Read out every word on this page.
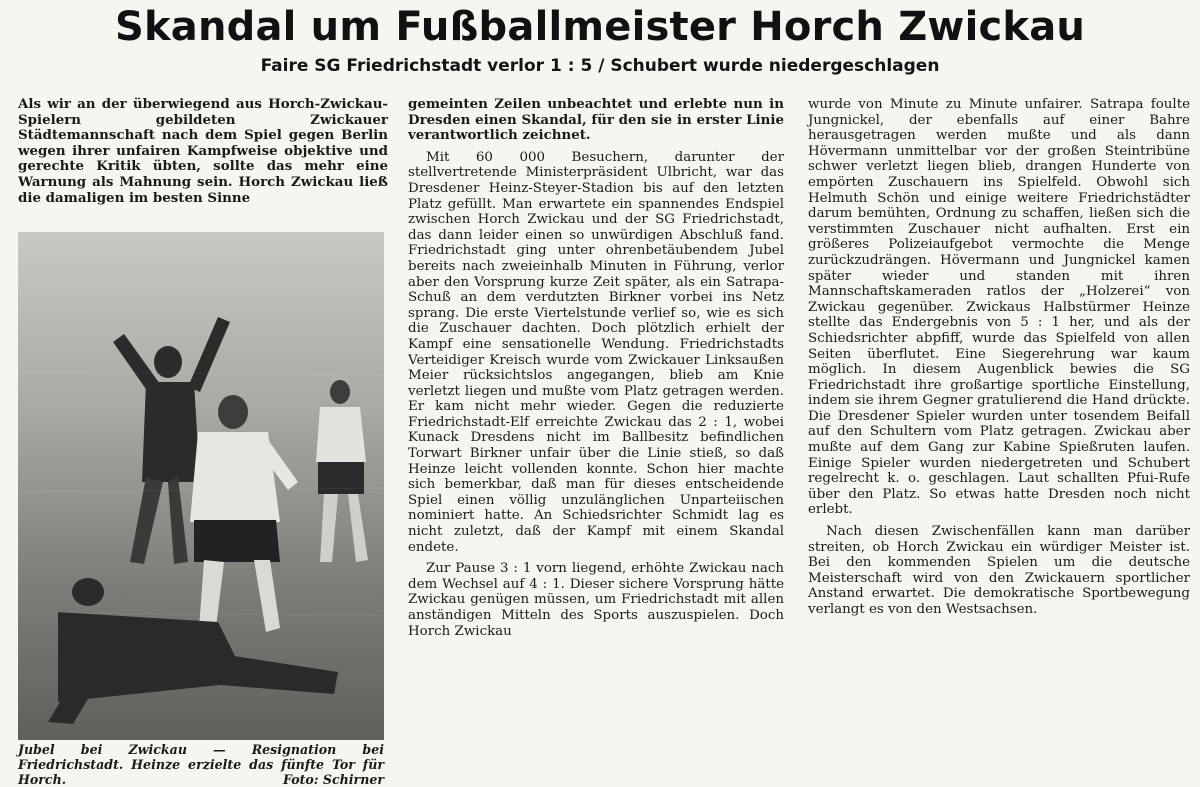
Skandal um Fußballmeister Horch Zwickau
Faire SG Friedrichstadt verlor 1 : 5 / Schubert wurde niedergeschlagen

Als wir an der überwiegend aus Horch-Zwickau-Spielern gebildeten Zwickauer Städtemannschaft nach dem Spiel gegen Berlin wegen ihrer unfairen Kampfweise objektive und gerechte Kritik übten, sollte das mehr eine Warnung als Mahnung sein. Horch Zwickau ließ die damaligen im besten Sinne

Jubel bei Zwickau — Resignation bei Friedrichstadt. Heinze erzielte das fünfte Tor für Horch.	Foto: Schirner

gemeinten Zeilen unbeachtet und erlebte nun in Dresden einen Skandal, für den sie in erster Linie verantwortlich zeichnet.

Mit 60 000 Besuchern, darunter der stellvertretende Ministerpräsident Ulbricht, war das Dresdener Heinz-Steyer-Stadion bis auf den letzten Platz gefüllt. Man erwartete ein spannendes Endspiel zwischen Horch Zwickau und der SG Friedrichstadt, das dann leider einen so unwürdigen Abschluß fand. Friedrichstadt ging unter ohrenbetäubendem Jubel bereits nach zweieinhalb Minuten in Führung, verlor aber den Vorsprung kurze Zeit später, als ein Satrapa-Schuß an dem verdutzten Birkner vorbei ins Netz sprang. Die erste Viertelstunde verlief so, wie es sich die Zuschauer dachten. Doch plötzlich erhielt der Kampf eine sensationelle Wendung. Friedrichstadts Verteidiger Kreisch wurde vom Zwickauer Linksaußen Meier rücksichtslos angegangen, blieb am Knie verletzt liegen und mußte vom Platz getragen werden. Er kam nicht mehr wieder. Gegen die reduzierte Friedrichstadt-Elf erreichte Zwickau das 2 : 1, wobei Kunack Dresdens nicht im Ballbesitz befindlichen Torwart Birkner unfair über die Linie stieß, so daß Heinze leicht vollenden konnte. Schon hier machte sich bemerkbar, daß man für dieses entscheidende Spiel einen völlig unzulänglichen Unparteiischen nominiert hatte. An Schiedsrichter Schmidt lag es nicht zuletzt, daß der Kampf mit einem Skandal endete.

Zur Pause 3 : 1 vorn liegend, erhöhte Zwickau nach dem Wechsel auf 4 : 1. Dieser sichere Vorsprung hätte Zwickau genügen müssen, um Friedrichstadt mit allen anständigen Mitteln des Sports auszuspielen. Doch Horch Zwickau

wurde von Minute zu Minute unfairer. Satrapa foulte Jungnickel, der ebenfalls auf einer Bahre herausgetragen werden mußte und als dann Hövermann unmittelbar vor der großen Steintribüne schwer verletzt liegen blieb, drangen Hunderte von empörten Zuschauern ins Spielfeld. Obwohl sich Helmuth Schön und einige weitere Friedrichstädter darum bemühten, Ordnung zu schaffen, ließen sich die verstimmten Zuschauer nicht aufhalten. Erst ein größeres Polizeiaufgebot vermochte die Menge zurückzudrängen. Hövermann und Jungnickel kamen später wieder und standen mit ihren Mannschaftskameraden ratlos der „Holzerei“ von Zwickau gegenüber. Zwickaus Halbstürmer Heinze stellte das Endergebnis von 5 : 1 her, und als der Schiedsrichter abpfiff, wurde das Spielfeld von allen Seiten überflutet. Eine Siegerehrung war kaum möglich. In diesem Augenblick bewies die SG Friedrichstadt ihre großartige sportliche Einstellung, indem sie ihrem Gegner gratulierend die Hand drückte. Die Dresdener Spieler wurden unter tosendem Beifall auf den Schultern vom Platz getragen. Zwickau aber mußte auf dem Gang zur Kabine Spießruten laufen. Einige Spieler wurden niedergetreten und Schubert regelrecht k. o. geschlagen. Laut schallten Pfui-Rufe über den Platz. So etwas hatte Dresden noch nicht erlebt.

Nach diesen Zwischenfällen kann man darüber streiten, ob Horch Zwickau ein würdiger Meister ist. Bei den kommenden Spielen um die deutsche Meisterschaft wird von den Zwickauern sportlicher Anstand erwartet. Die demokratische Sportbewegung verlangt es von den Westsachsen.
